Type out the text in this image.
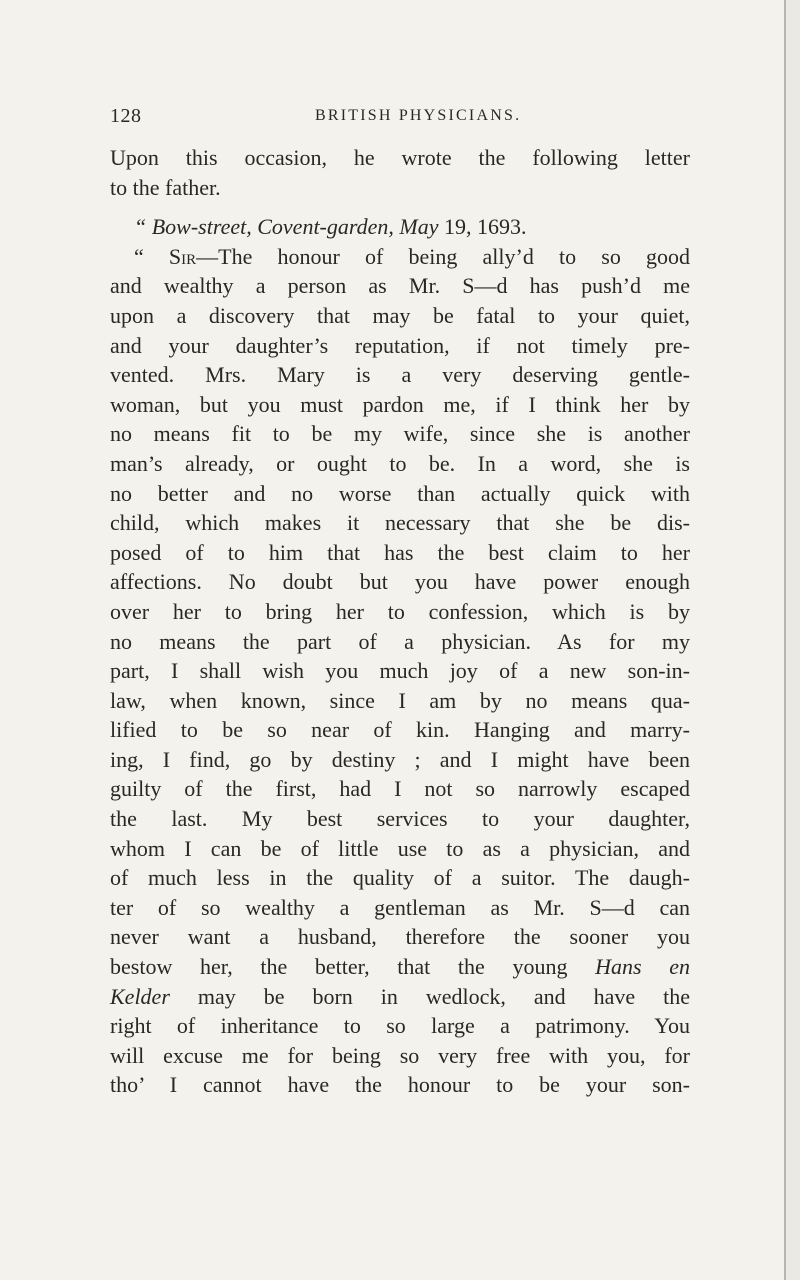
128	BRITISH PHYSICIANS.
Upon this occasion, he wrote the following letter
to the father.
“ Bow-street, Covent-garden, May 19, 1693.
“ Sir—The honour of being ally’d to so good
and wealthy a person as Mr. S—d has push’d me
upon a discovery that may be fatal to your quiet,
and your daughter’s reputation, if not timely pre-
vented. Mrs. Mary is a very deserving gentle-
woman, but you must pardon me, if I think her by
no means fit to be my wife, since she is another
man’s already, or ought to be. In a word, she is
no better and no worse than actually quick with
child, which makes it necessary that she be dis-
posed of to him that has the best claim to her
affections. No doubt but you have power enough
over her to bring her to confession, which is by
no means the part of a physician. As for my
part, I shall wish you much joy of a new son-in-
law, when known, since I am by no means qua-
lified to be so near of kin. Hanging and marry-
ing, I find, go by destiny ; and I might have been
guilty of the first, had I not so narrowly escaped
the last. My best services to your daughter,
whom I can be of little use to as a physician, and
of much less in the quality of a suitor. The daugh-
ter of so wealthy a gentleman as Mr. S—d can
never want a husband, therefore the sooner you
bestow her, the better, that the young Hans en
Kelder may be born in wedlock, and have the
right of inheritance to so large a patrimony. You
will excuse me for being so very free with you, for
tho’ I cannot have the honour to be your son-
